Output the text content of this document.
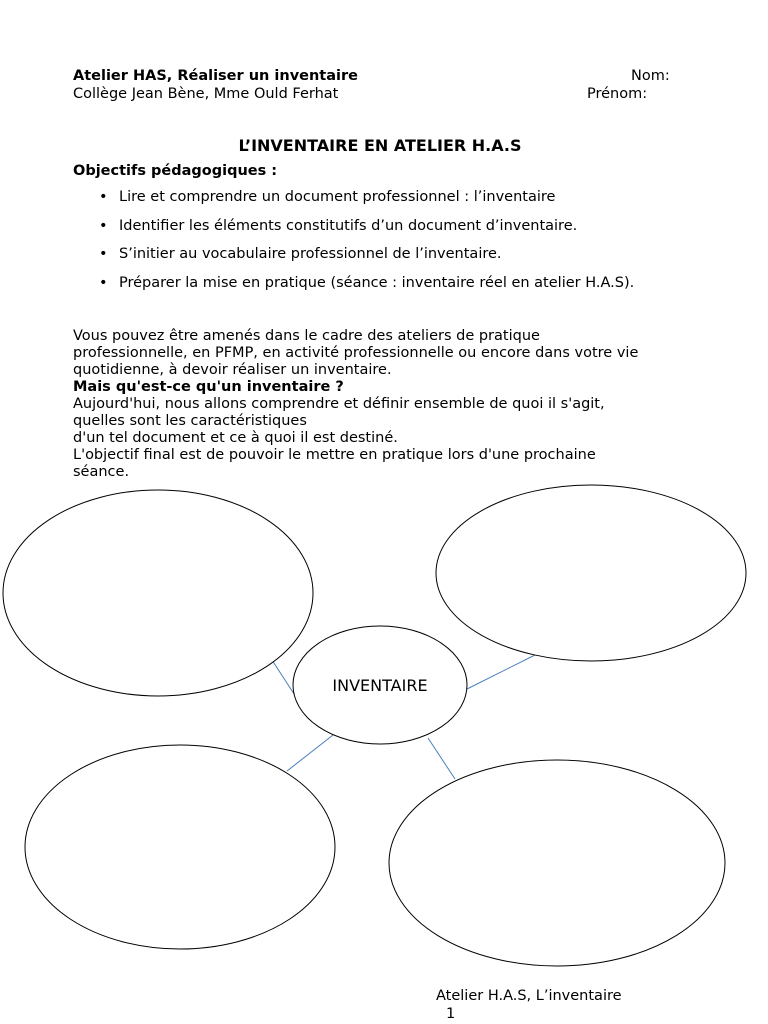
Atelier HAS, Réaliser un inventaire
Collège Jean Bène, Mme Ould Ferhat
Nom:
Prénom:
L’INVENTAIRE EN ATELIER H.A.S
Objectifs pédagogiques :
• Lire et comprendre un document professionnel : l’inventaire
• Identifier les éléments constitutifs d’un document d’inventaire.
• S’initier au vocabulaire professionnel de l’inventaire.
• Préparer la mise en pratique (séance : inventaire réel en atelier H.A.S).

Vous pouvez être amenés dans le cadre des ateliers de pratique

professionnelle, en PFMP, en activité professionnelle ou encore dans votre vie

quotidienne, à devoir réaliser un inventaire.

Mais qu'est-ce qu'un inventaire ?

Aujourd'hui, nous allons comprendre et définir ensemble de quoi il s'agit,

quelles sont les caractéristiques

d'un tel document et ce à quoi il est destiné.

L'objectif final est de pouvoir le mettre en pratique lors d'une prochaine

séance.

INVENTAIRE
Atelier H.A.S, L’inventaire
1
